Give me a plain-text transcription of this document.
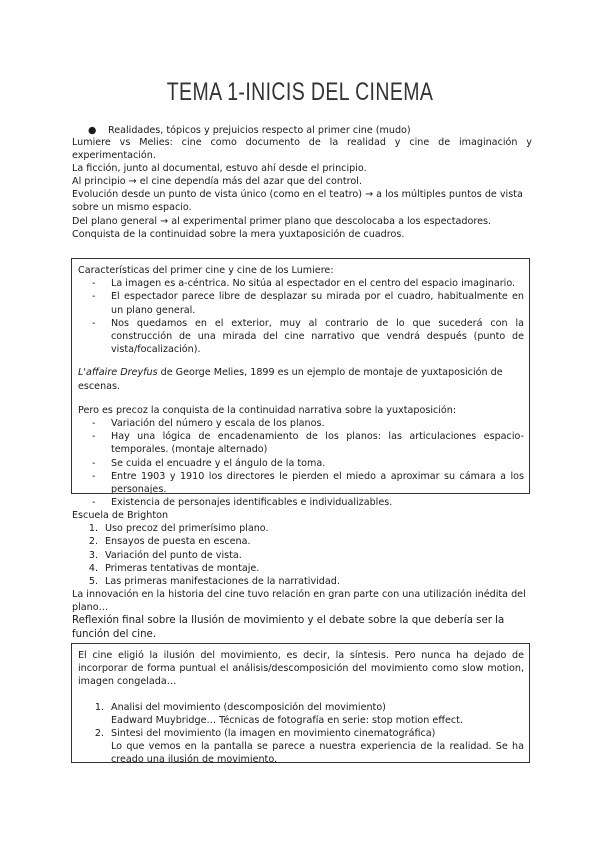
TEMA 1-INICIS DEL CINEMA
● Realidades, tópicos y prejuicios respecto al primer cine (mudo)
Lumiere vs Melies: cine como documento de la realidad y cine de imaginación y experimentación.
La ficción, junto al documental, estuvo ahí desde el principio.
Al principio → el cine dependía más del azar que del control.
Evolución desde un punto de vista único (como en el teatro) → a los múltiples puntos de vista sobre un mismo espacio.
Del plano general → al experimental primer plano que descolocaba a los espectadores.
Conquista de la continuidad sobre la mera yuxtaposición de cuadros.
Características del primer cine y cine de los Lumiere:
- La imagen es a-céntrica. No sitúa al espectador en el centro del espacio imaginario.
- El espectador parece libre de desplazar su mirada por el cuadro, habitualmente en un plano general.
- Nos quedamos en el exterior, muy al contrario de lo que sucederá con la construcción de una mirada del cine narrativo que vendrá después (punto de vista/focalización).
L'affaire Dreyfus de George Melies, 1899 es un ejemplo de montaje de yuxtaposición de escenas.
Pero es precoz la conquista de la continuidad narrativa sobre la yuxtaposición:
- Variación del número y escala de los planos.
- Hay una lógica de encadenamiento de los planos: las articulaciones espacio-temporales. (montaje alternado)
- Se cuida el encuadre y el ángulo de la toma.
- Entre 1903 y 1910 los directores le pierden el miedo a aproximar su cámara a los personajes.
- Existencia de personajes identificables e individualizables.
Escuela de Brighton
1. Uso precoz del primerísimo plano.
2. Ensayos de puesta en escena.
3. Variación del punto de vista.
4. Primeras tentativas de montaje.
5. Las primeras manifestaciones de la narratividad.
La innovación en la historia del cine tuvo relación en gran parte con una utilización inédita del plano…
Reflexión final sobre la Ilusión de movimiento y el debate sobre la que debería ser la función del cine.
El cine eligió la ilusión del movimiento, es decir, la síntesis. Pero nunca ha dejado de incorporar de forma puntual el análisis/descomposición del movimiento como slow motion, imagen congelada…
1. Analisi del movimiento (descomposición del movimiento)
Eadward Muybridge… Técnicas de fotografía en serie: stop motion effect.
2. Sintesi del movimiento (la imagen en movimiento cinematográfica)
Lo que vemos en la pantalla se parece a nuestra experiencia de la realidad. Se ha creado una ilusión de movimiento.
